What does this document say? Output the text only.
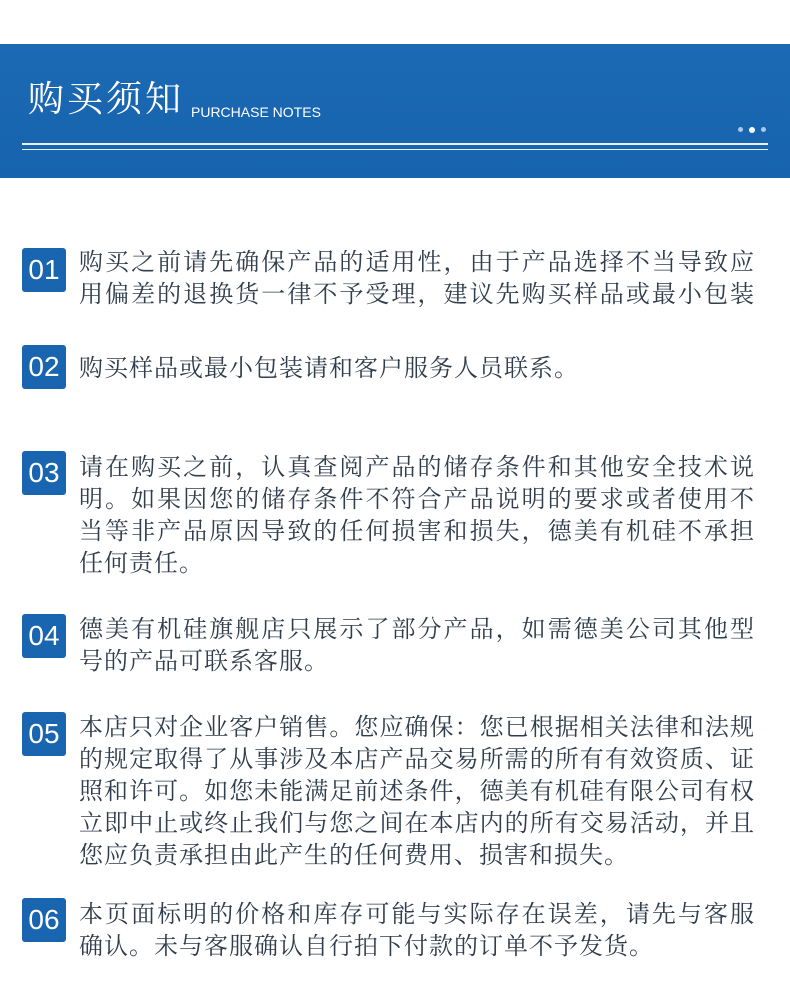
购买须知 PURCHASE NOTES
01 购买之前请先确保产品的适用性，由于产品选择不当导致应
用偏差的退换货一律不予受理，建议先购买样品或最小包装
02 购买样品或最小包装请和客户服务人员联系。
03 请在购买之前，认真查阅产品的储存条件和其他安全技术说
明。如果因您的储存条件不符合产品说明的要求或者使用不
当等非产品原因导致的任何损害和损失，德美有机硅不承担
任何责任。
04 德美有机硅旗舰店只展示了部分产品，如需德美公司其他型
号的产品可联系客服。
05 本店只对企业客户销售。您应确保：您已根据相关法律和法规
的规定取得了从事涉及本店产品交易所需的所有有效资质、证
照和许可。如您未能满足前述条件，德美有机硅有限公司有权
立即中止或终止我们与您之间在本店内的所有交易活动，并且
您应负责承担由此产生的任何费用、损害和损失。
06 本页面标明的价格和库存可能与实际存在误差，请先与客服
确认。未与客服确认自行拍下付款的订单不予发货。
